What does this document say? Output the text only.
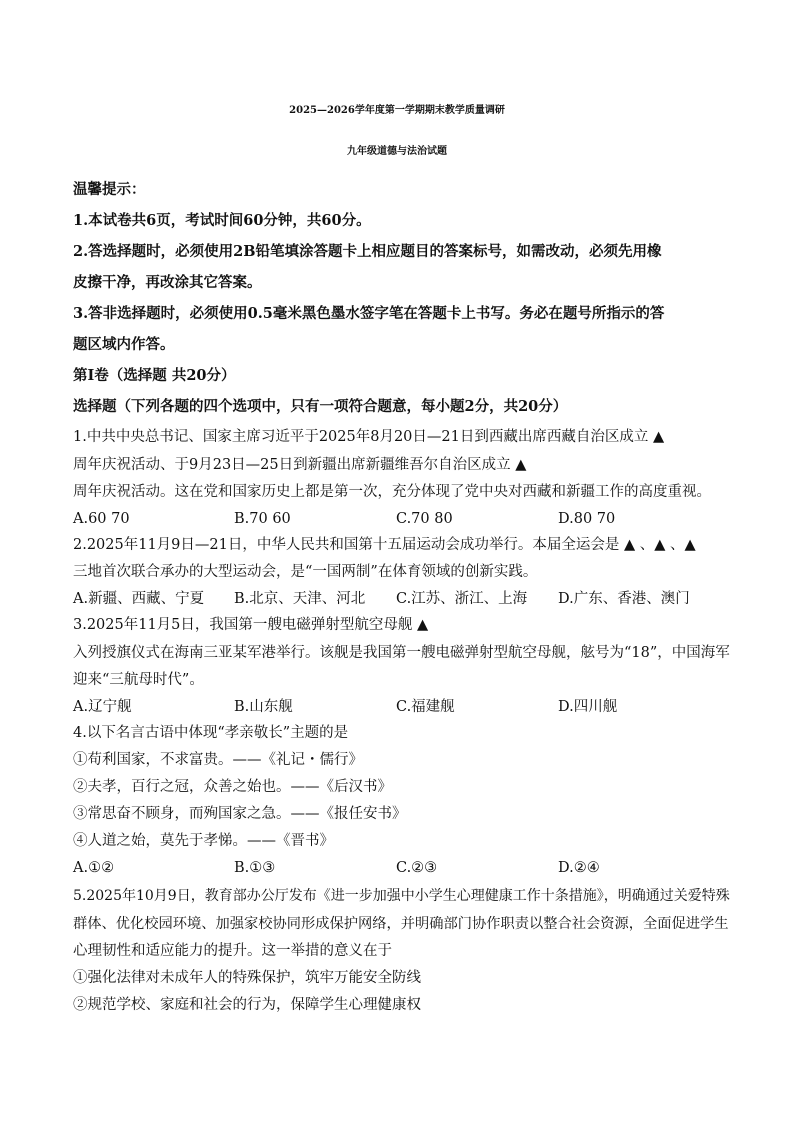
2025—2026学年度第一学期期末教学质量调研
九年级道德与法治试题
温馨提示：
1.本试卷共6页，考试时间60分钟，共60分。
2.答选择题时，必须使用2B铅笔填涂答题卡上相应题目的答案标号，如需改动，必须先用橡
皮擦干净，再改涂其它答案。
3.答非选择题时，必须使用0.5毫米黑色墨水签字笔在答题卡上书写。务必在题号所指示的答
题区域内作答。
第Ⅰ卷（选择题 共20分）
选择题（下列各题的四个选项中，只有一项符合题意，每小题2分，共20分）
1.中共中央总书记、国家主席习近平于2025年8月20日—21日到西藏出席西藏自治区成立 ▲
周年庆祝活动、于9月23日—25日到新疆出席新疆维吾尔自治区成立 ▲
周年庆祝活动。这在党和国家历史上都是第一次，充分体现了党中央对西藏和新疆工作的高度重视。
A.60 70	B.70 60	C.70 80	D.80 70
2.2025年11月9日—21日，中华人民共和国第十五届运动会成功举行。本届全运会是 ▲ 、▲ 、▲
三地首次联合承办的大型运动会，是“一国两制”在体育领域的创新实践。
A.新疆、西藏、宁夏 B.北京、天津、河北 C.江苏、浙江、上海 D.广东、香港、澳门
3.2025年11月5日，我国第一艘电磁弹射型航空母舰 ▲
入列授旗仪式在海南三亚某军港举行。该舰是我国第一艘电磁弹射型航空母舰，舷号为“18”，中国海军
迎来“三航母时代”。
A.辽宁舰	B.山东舰	C.福建舰	D.四川舰
4.以下名言古语中体现“孝亲敬长”主题的是
①苟利国家，不求富贵。——《礼记・儒行》
②夫孝，百行之冠，众善之始也。——《后汉书》
③常思奋不顾身，而殉国家之急。——《报任安书》
④人道之始，莫先于孝悌。——《晋书》
A.①②	B.①③	C.②③	D.②④
5.2025年10月9日，教育部办公厅发布《进一步加强中小学生心理健康工作十条措施》，明确通过关爱特殊
群体、优化校园环境、加强家校协同形成保护网络，并明确部门协作职责以整合社会资源，全面促进学生
心理韧性和适应能力的提升。这一举措的意义在于
①强化法律对未成年人的特殊保护，筑牢万能安全防线
②规范学校、家庭和社会的行为，保障学生心理健康权
